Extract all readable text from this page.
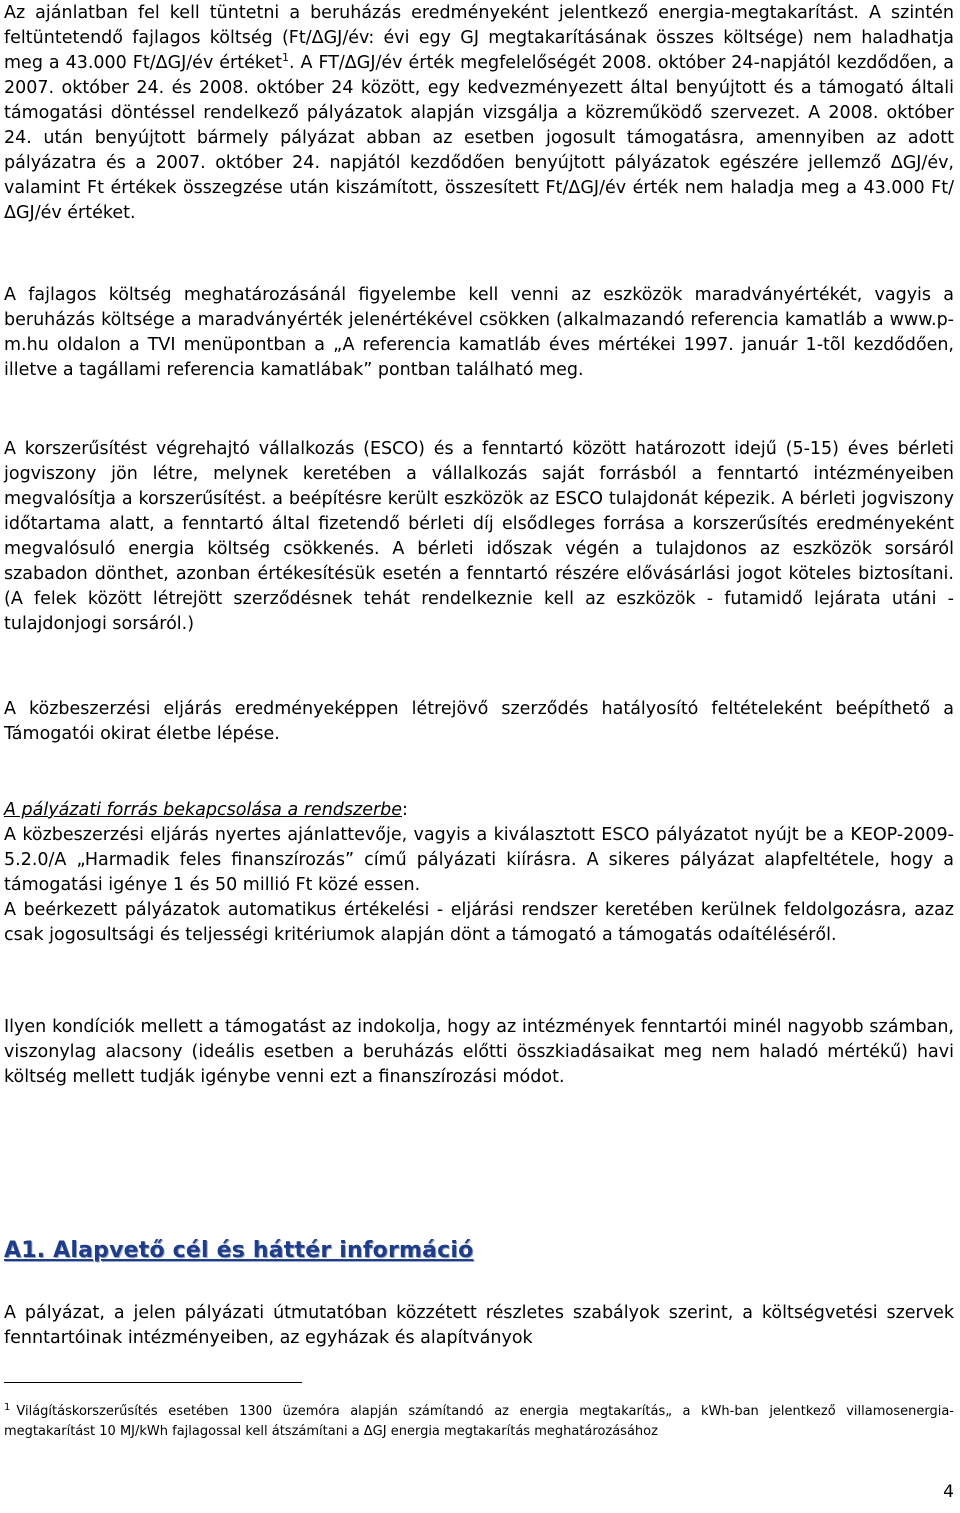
Az ajánlatban fel kell tüntetni a beruházás eredményeként jelentkező energia-megtakarítást. A szintén feltüntetendő fajlagos költség (Ft/ΔGJ/év: évi egy GJ megtakarításának összes költsége) nem haladhatja meg a 43.000 Ft/ΔGJ/év értéket$^1$. A FT/ΔGJ/év érték megfelelőségét 2008. október 24-napjától kezdődően, a 2007. október 24. és 2008. október 24 között, egy kedvezményezett által benyújtott és a támogató általi támogatási döntéssel rendelkező pályázatok alapján vizsgálja a közreműködő szervezet. A 2008. október 24. után benyújtott bármely pályázat abban az esetben jogosult támogatásra, amennyiben az adott pályázatra és a 2007. október 24. napjától kezdődően benyújtott pályázatok egészére jellemző ΔGJ/év, valamint Ft értékek összegzése után kiszámított, összesített Ft/ΔGJ/év érték nem haladja meg a 43.000 Ft/ΔGJ/év értéket.

A fajlagos költség meghatározásánál figyelembe kell venni az eszközök maradványértékét, vagyis a beruházás költsége a maradványérték jelenértékével csökken (alkalmazandó referencia kamatláb a www.p-m.hu oldalon a TVI menüpontban a „A referencia kamatláb éves mértékei 1997. január 1-tõl kezdődően, illetve a tagállami referencia kamatlábak” pontban található meg.

A korszerűsítést végrehajtó vállalkozás (ESCO) és a fenntartó között határozott idejű (5-15) éves bérleti jogviszony jön létre, melynek keretében a vállalkozás saját forrásból a fenntartó intézményeiben megvalósítja a korszerűsítést. a beépítésre került eszközök az ESCO tulajdonát képezik. A bérleti jogviszony időtartama alatt, a fenntartó által fizetendő bérleti díj elsődleges forrása a korszerűsítés eredményeként megvalósuló energia költség csökkenés. A bérleti időszak végén a tulajdonos az eszközök sorsáról szabadon dönthet, azonban értékesítésük esetén a fenntartó részére elővásárlási jogot köteles biztosítani. (A felek között létrejött szerződésnek tehát rendelkeznie kell az eszközök - futamidő lejárata utáni - tulajdonjogi sorsáról.)

A közbeszerzési eljárás eredményeképpen létrejövő szerződés hatályosító feltételeként beépíthető a Támogatói okirat életbe lépése.

A pályázati forrás bekapcsolása a rendszerbe:
A közbeszerzési eljárás nyertes ajánlattevője, vagyis a kiválasztott ESCO pályázatot nyújt be a KEOP-2009-5.2.0/A „Harmadik feles finanszírozás” című pályázati kiírásra. A sikeres pályázat alapfeltétele, hogy a támogatási igénye 1 és 50 millió Ft közé essen.
A beérkezett pályázatok automatikus értékelési - eljárási rendszer keretében kerülnek feldolgozásra, azaz csak jogosultsági és teljességi kritériumok alapján dönt a támogató a támogatás odaítéléséről.

Ilyen kondíciók mellett a támogatást az indokolja, hogy az intézmények fenntartói minél nagyobb számban, viszonylag alacsony (ideális esetben a beruházás előtti összkiadásaikat meg nem haladó mértékű) havi költség mellett tudják igénybe venni ezt a finanszírozási módot.

A1. Alapvető cél és háttér információ

A pályázat, a jelen pályázati útmutatóban közzétett részletes szabályok szerint, a költségvetési szervek fenntartóinak intézményeiben, az egyházak és alapítványok

$^1$ Világításkorszerűsítés esetében 1300 üzemóra alapján számítandó az energia megtakarítás„ a kWh-ban jelentkező villamosenergia-megtakarítást 10 MJ/kWh fajlagossal kell átszámítani a ΔGJ energia megtakarítás meghatározásához

4
